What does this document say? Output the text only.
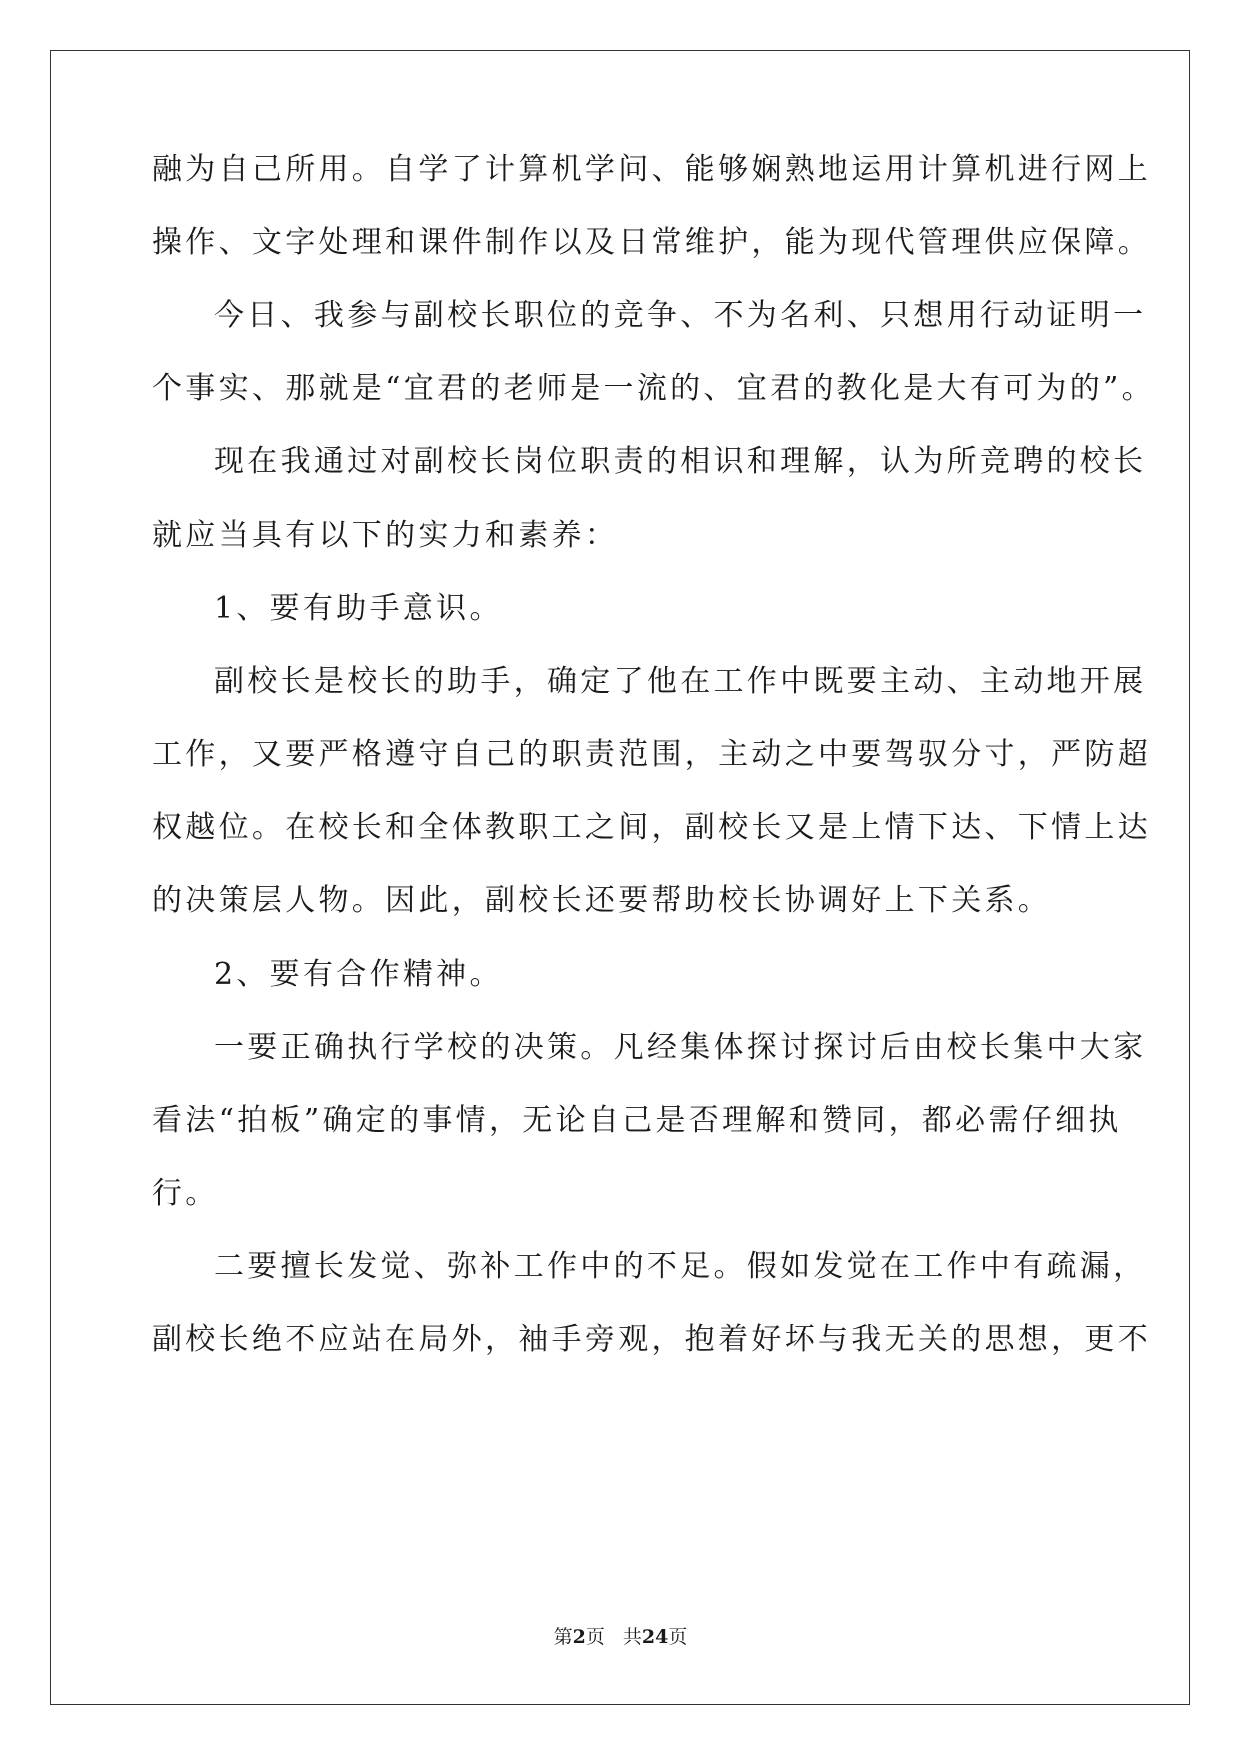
融为自己所用。自学了计算机学问、能够娴熟地运用计算机进行网上
操作、文字处理和课件制作以及日常维护，能为现代管理供应保障。
今日、我参与副校长职位的竞争、不为名利、只想用行动证明一
个事实、那就是“宜君的老师是一流的、宜君的教化是大有可为的”。
现在我通过对副校长岗位职责的相识和理解，认为所竞聘的校长
就应当具有以下的实力和素养：
1、要有助手意识。
副校长是校长的助手，确定了他在工作中既要主动、主动地开展
工作，又要严格遵守自己的职责范围，主动之中要驾驭分寸，严防超
权越位。在校长和全体教职工之间，副校长又是上情下达、下情上达
的决策层人物。因此，副校长还要帮助校长协调好上下关系。
2、要有合作精神。
一要正确执行学校的决策。凡经集体探讨探讨后由校长集中大家
看法“拍板”确定的事情，无论自己是否理解和赞同，都必需仔细执
行。
二要擅长发觉、弥补工作中的不足。假如发觉在工作中有疏漏，
副校长绝不应站在局外，袖手旁观，抱着好坏与我无关的思想，更不
第2页 共24页
